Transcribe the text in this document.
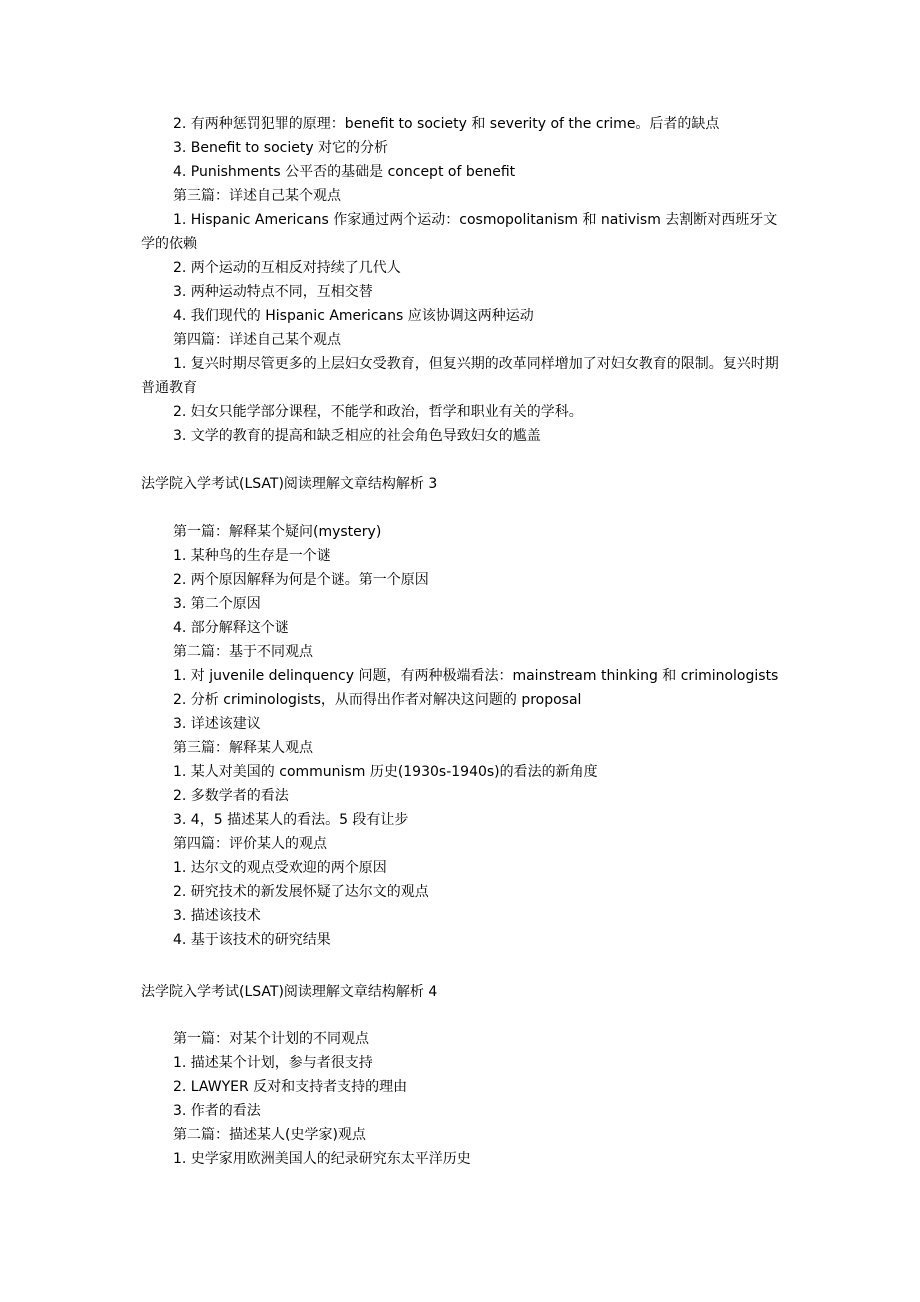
2. 有两种惩罚犯罪的原理：benefit to society 和 severity of the crime。后者的缺点
3. Benefit to society 对它的分析
4. Punishments 公平否的基础是 concept of benefit
第三篇：详述自己某个观点
1. Hispanic Americans 作家通过两个运动：cosmopolitanism 和 nativism 去割断对西班牙文学的依赖
2. 两个运动的互相反对持续了几代人
3. 两种运动特点不同，互相交替
4. 我们现代的 Hispanic Americans 应该协调这两种运动
第四篇：详述自己某个观点
1. 复兴时期尽管更多的上层妇女受教育，但复兴期的改革同样增加了对妇女教育的限制。复兴时期普通教育
2. 妇女只能学部分课程，不能学和政治，哲学和职业有关的学科。
3. 文学的教育的提高和缺乏相应的社会角色导致妇女的尴盖
法学院入学考试(LSAT)阅读理解文章结构解析 3
第一篇：解释某个疑问(mystery)
1. 某种鸟的生存是一个谜
2. 两个原因解释为何是个谜。第一个原因
3. 第二个原因
4. 部分解释这个谜
第二篇：基于不同观点
1. 对 juvenile delinquency 问题，有两种极端看法：mainstream thinking 和 criminologists
2. 分析 criminologists，从而得出作者对解决这问题的 proposal
3. 详述该建议
第三篇：解释某人观点
1. 某人对美国的 communism 历史(1930s-1940s)的看法的新角度
2. 多数学者的看法
3. 4，5 描述某人的看法。5 段有让步
第四篇：评价某人的观点
1. 达尔文的观点受欢迎的两个原因
2. 研究技术的新发展怀疑了达尔文的观点
3. 描述该技术
4. 基于该技术的研究结果
法学院入学考试(LSAT)阅读理解文章结构解析 4
第一篇：对某个计划的不同观点
1. 描述某个计划，参与者很支持
2. LAWYER 反对和支持者支持的理由
3. 作者的看法
第二篇：描述某人(史学家)观点
1. 史学家用欧洲美国人的纪录研究东太平洋历史
